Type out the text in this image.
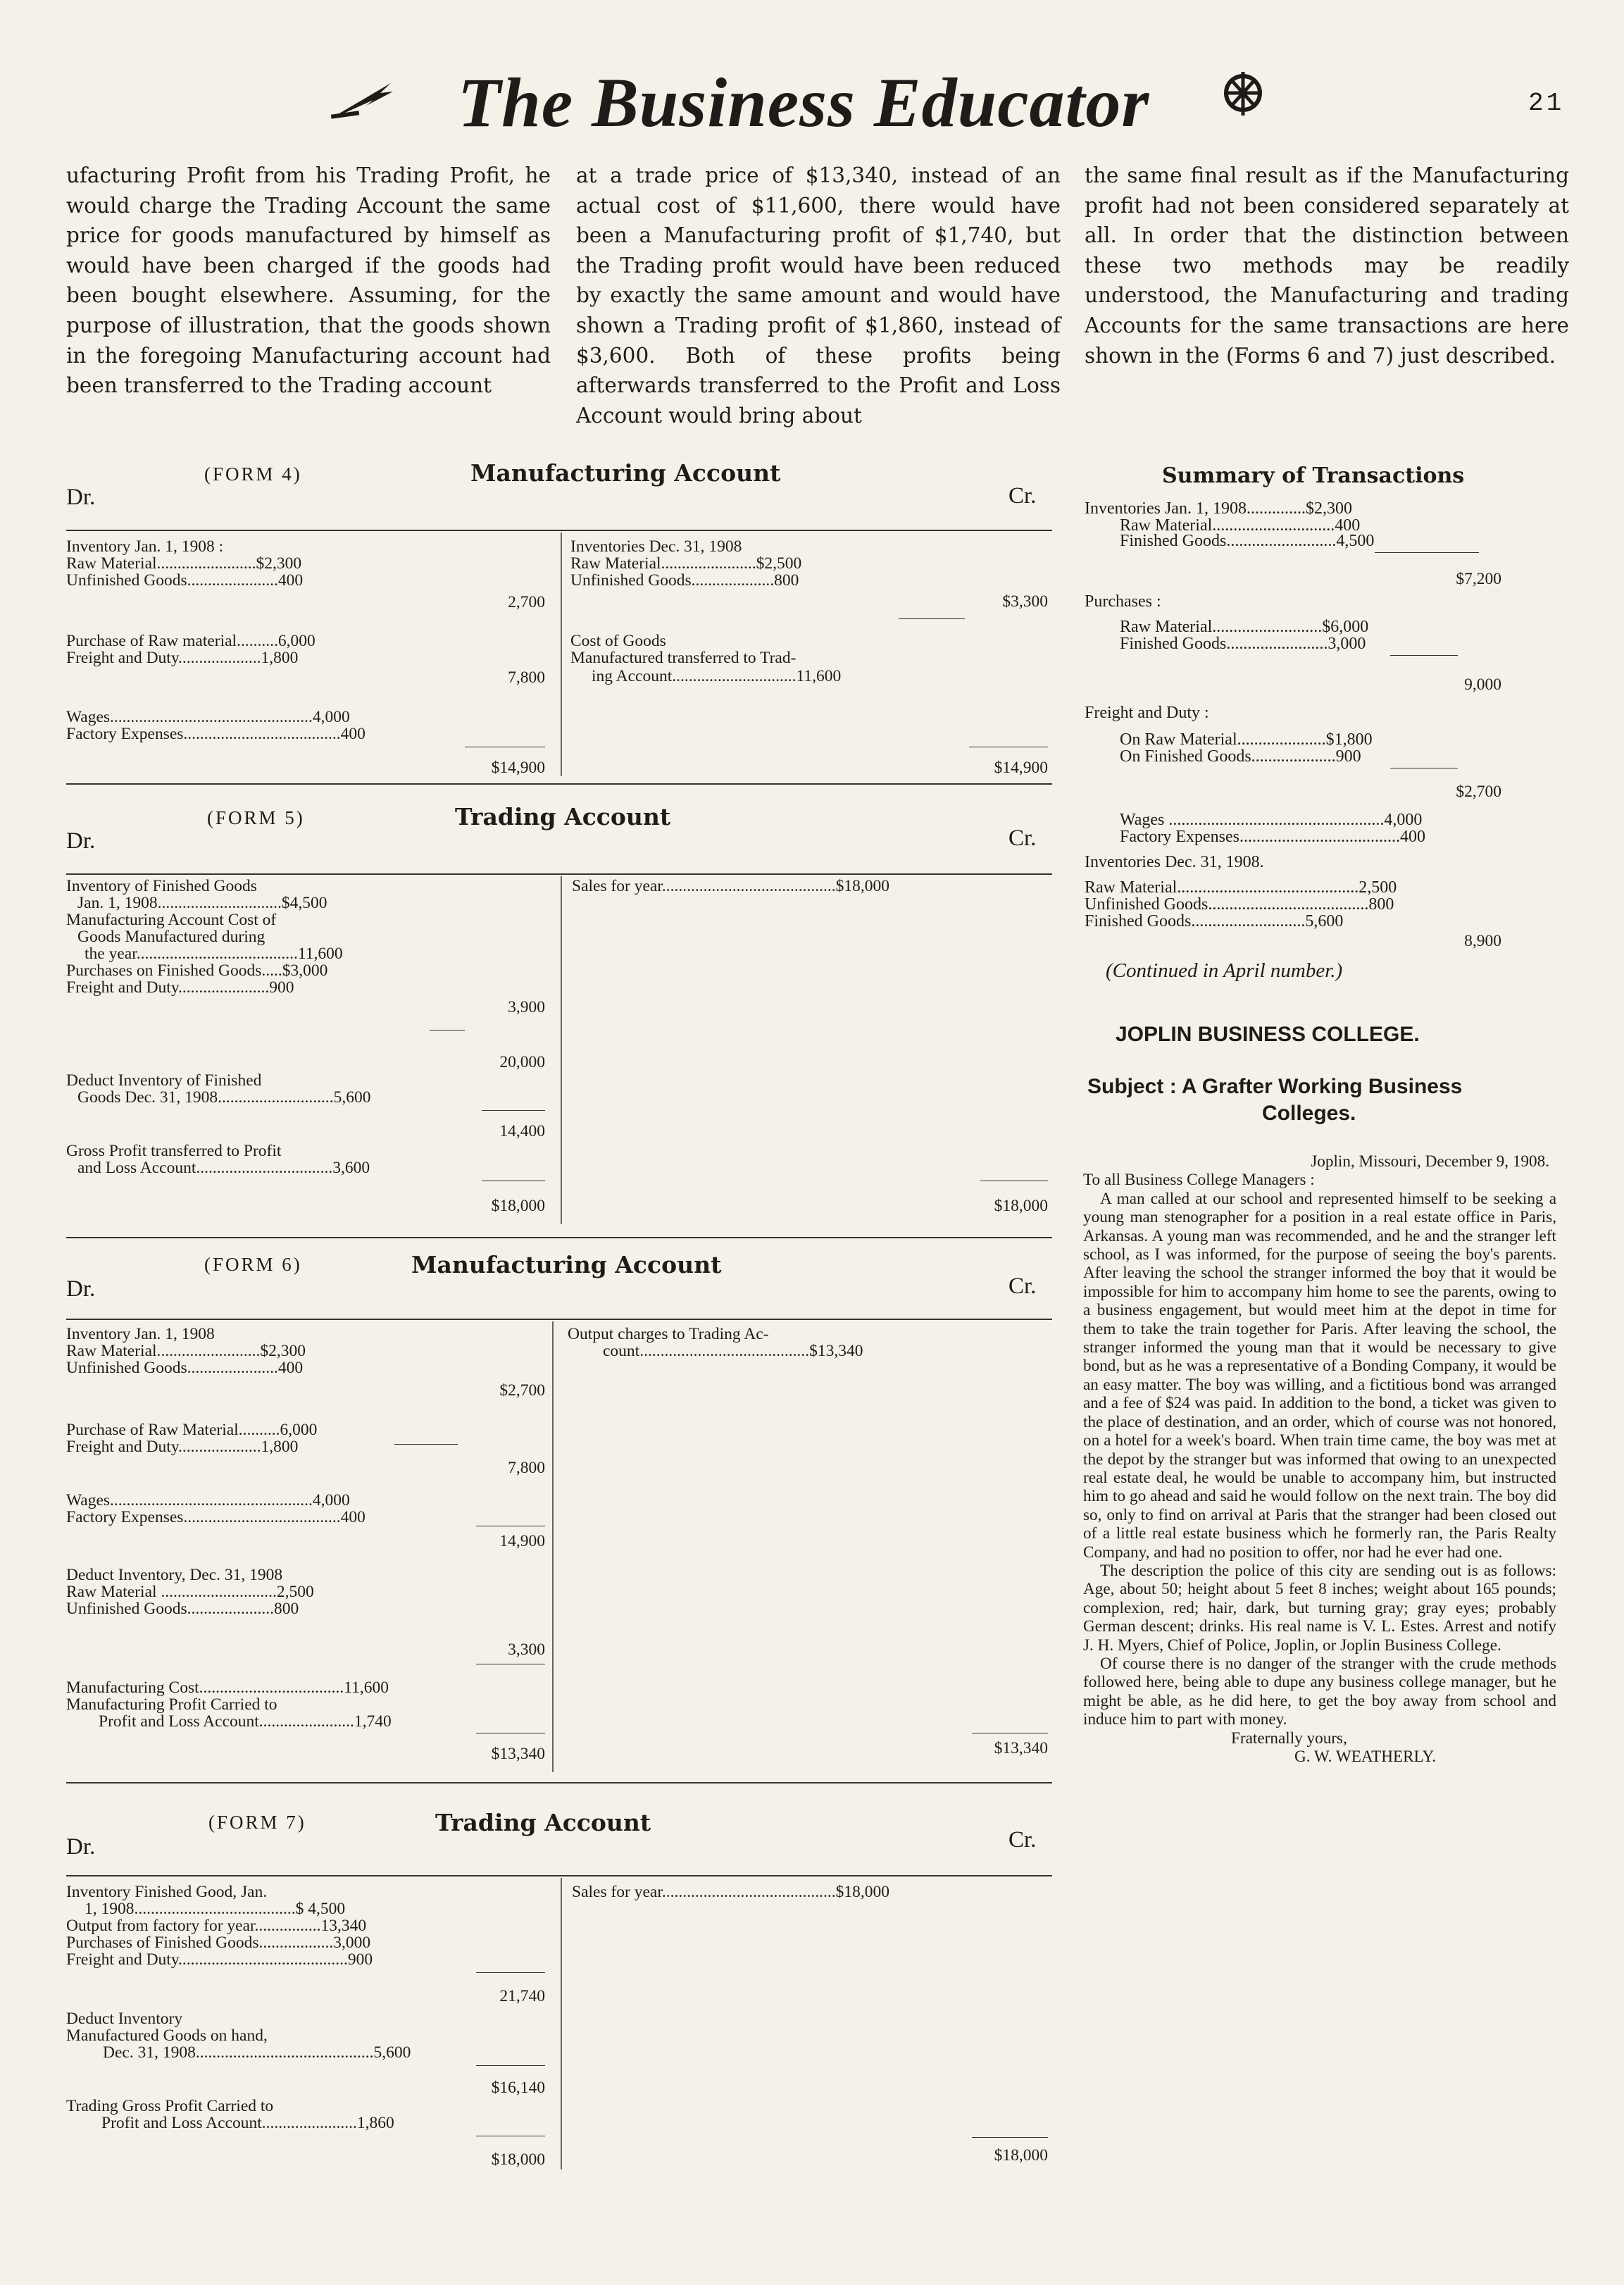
The Business Educator	21

ufacturing Profit from his Trading Profit, he would charge the Trading Account the same price for goods manufactured by himself as would have been charged if the goods had been bought elsewhere. Assuming, for the purpose of illustration, that the goods shown in the foregoing Manufacturing account had been transferred to the Trading account

at a trade price of $13,340, instead of an actual cost of $11,600, there would have been a Manufacturing profit of $1,740, but the Trading profit would have been reduced by exactly the same amount and would have shown a Trading profit of $1,860, instead of $3,600. Both of these profits being afterwards transferred to the Profit and Loss Account would bring about

the same final result as if the Manufacturing profit had not been considered separately at all. In order that the distinction between these two methods may be readily understood, the Manufacturing and trading Accounts for the same transactions are here shown in the (Forms 6 and 7) just described.

(FORM 4)	Manufacturing Account
Dr.	Cr.
Inventory Jan. 1, 1908 :
Raw Material........................$2,300
Unfinished Goods......................400
2,700
Purchase of Raw material..........6,000
Freight and Duty....................1,800
7,800
Wages.................................................4,000
Factory Expenses......................................400
$14,900
Inventories Dec. 31, 1908
Raw Material.......................$2,500
Unfinished Goods....................800
$3,300
Cost of Goods
Manufactured transferred to Trad-
ing Account..............................11,600
$14,900
(FORM 5)	Trading Account
Dr.	Cr.
Inventory of Finished Goods
Jan. 1, 1908..............................$4,500
Manufacturing Account Cost of
Goods Manufactured during
the year.......................................11,600
Purchases on Finished Goods.....$3,000
Freight and Duty......................900
3,900
20,000
Deduct Inventory of Finished
Goods Dec. 31, 1908............................5,600
14,400
Gross Profit transferred to Profit
and Loss Account.................................3,600
$18,000
Sales for year..........................................$18,000
$18,000
(FORM 6)	Manufacturing Account
Dr.	Cr.
Inventory Jan. 1, 1908
Raw Material.........................$2,300
Unfinished Goods......................400
$2,700
Purchase of Raw Material..........6,000
Freight and Duty....................1,800
7,800
Wages.................................................4,000
Factory Expenses......................................400
14,900
Deduct Inventory, Dec. 31, 1908
Raw Material ............................2,500
Unfinished Goods.....................800
3,300
Manufacturing Cost...................................11,600
Manufacturing Profit Carried to
Profit and Loss Account.......................1,740
$13,340
Output charges to Trading Ac-
count.........................................$13,340
$13,340
(FORM 7)	Trading Account
Dr.	Cr.
Inventory Finished Good, Jan.
1, 1908.......................................$ 4,500
Output from factory for year................13,340
Purchases of Finished Goods..................3,000
Freight and Duty.........................................900
21,740
Deduct Inventory
Manufactured Goods on hand,
Dec. 31, 1908...........................................5,600
$16,140
Trading Gross Profit Carried to
Profit and Loss Account.......................1,860
$18,000
Sales for year..........................................$18,000
$18,000
Summary of Transactions
Inventories Jan. 1, 1908..............$2,300
Raw Material.............................400
Finished Goods..........................4,500
$7,200
Purchases :
Raw Material..........................$6,000
Finished Goods........................3,000
9,000
Freight and Duty :
On Raw Material.....................$1,800
On Finished Goods....................900
$2,700
Wages ...................................................4,000
Factory Expenses......................................400
Inventories Dec. 31, 1908.
Raw Material...........................................2,500
Unfinished Goods......................................800
Finished Goods...........................5,600
8,900
(Continued in April number.)
JOPLIN BUSINESS COLLEGE.
Subject : A Grafter Working Business
Colleges.

Joplin, Missouri, December 9, 1908.

To all Business College Managers :

A man called at our school and represented himself to be seeking a young man stenographer for a position in a real estate office in Paris, Arkansas. A young man was recommended, and he and the stranger left school, as I was informed, for the purpose of seeing the boy's parents. After leaving the school the stranger informed the boy that it would be impossible for him to accompany him home to see the parents, owing to a business engagement, but would meet him at the depot in time for them to take the train together for Paris. After leaving the school, the stranger informed the young man that it would be necessary to give bond, but as he was a representative of a Bonding Company, it would be an easy matter. The boy was willing, and a fictitious bond was arranged and a fee of $24 was paid. In addition to the bond, a ticket was given to the place of destination, and an order, which of course was not honored, on a hotel for a week's board. When train time came, the boy was met at the depot by the stranger but was informed that owing to an unexpected real estate deal, he would be unable to accompany him, but instructed him to go ahead and said he would follow on the next train. The boy did so, only to find on arrival at Paris that the stranger had been closed out of a little real estate business which he formerly ran, the Paris Realty Company, and had no position to offer, nor had he ever had one.

The description the police of this city are sending out is as follows: Age, about 50; height about 5 feet 8 inches; weight about 165 pounds; complexion, red; hair, dark, but turning gray; gray eyes; probably German descent; drinks. His real name is V. L. Estes. Arrest and notify J. H. Myers, Chief of Police, Joplin, or Joplin Business College.

Of course there is no danger of the stranger with the crude methods followed here, being able to dupe any business college manager, but he might be able, as he did here, to get the boy away from school and induce him to part with money.

Fraternally yours,

G. W. WEATHERLY.
